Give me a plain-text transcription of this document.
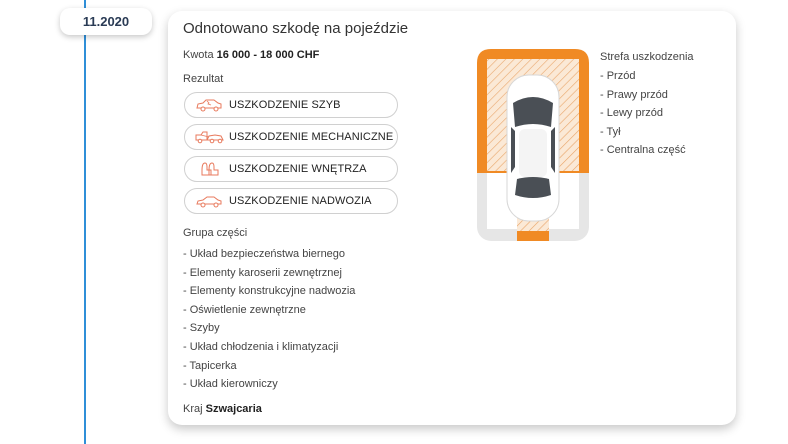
11.2020	Odnotowano szkodę na pojeździe
Kwota 16 000 - 18 000 CHF
Rezultat
USZKODZENIE SZYB
USZKODZENIE MECHANICZNE
USZKODZENIE WNĘTRZA
USZKODZENIE NADWOZIA
Grupa części
- Układ bezpieczeństwa biernego
- Elementy karoserii zewnętrznej
- Elementy konstrukcyjne nadwozia
- Oświetlenie zewnętrzne
- Szyby
- Układ chłodzenia i klimatyzacji
- Tapicerka
- Układ kierowniczy
Kraj Szwajcaria
Strefa uszkodzenia
- Przód
- Prawy przód
- Lewy przód
- Tył
- Centralna część
